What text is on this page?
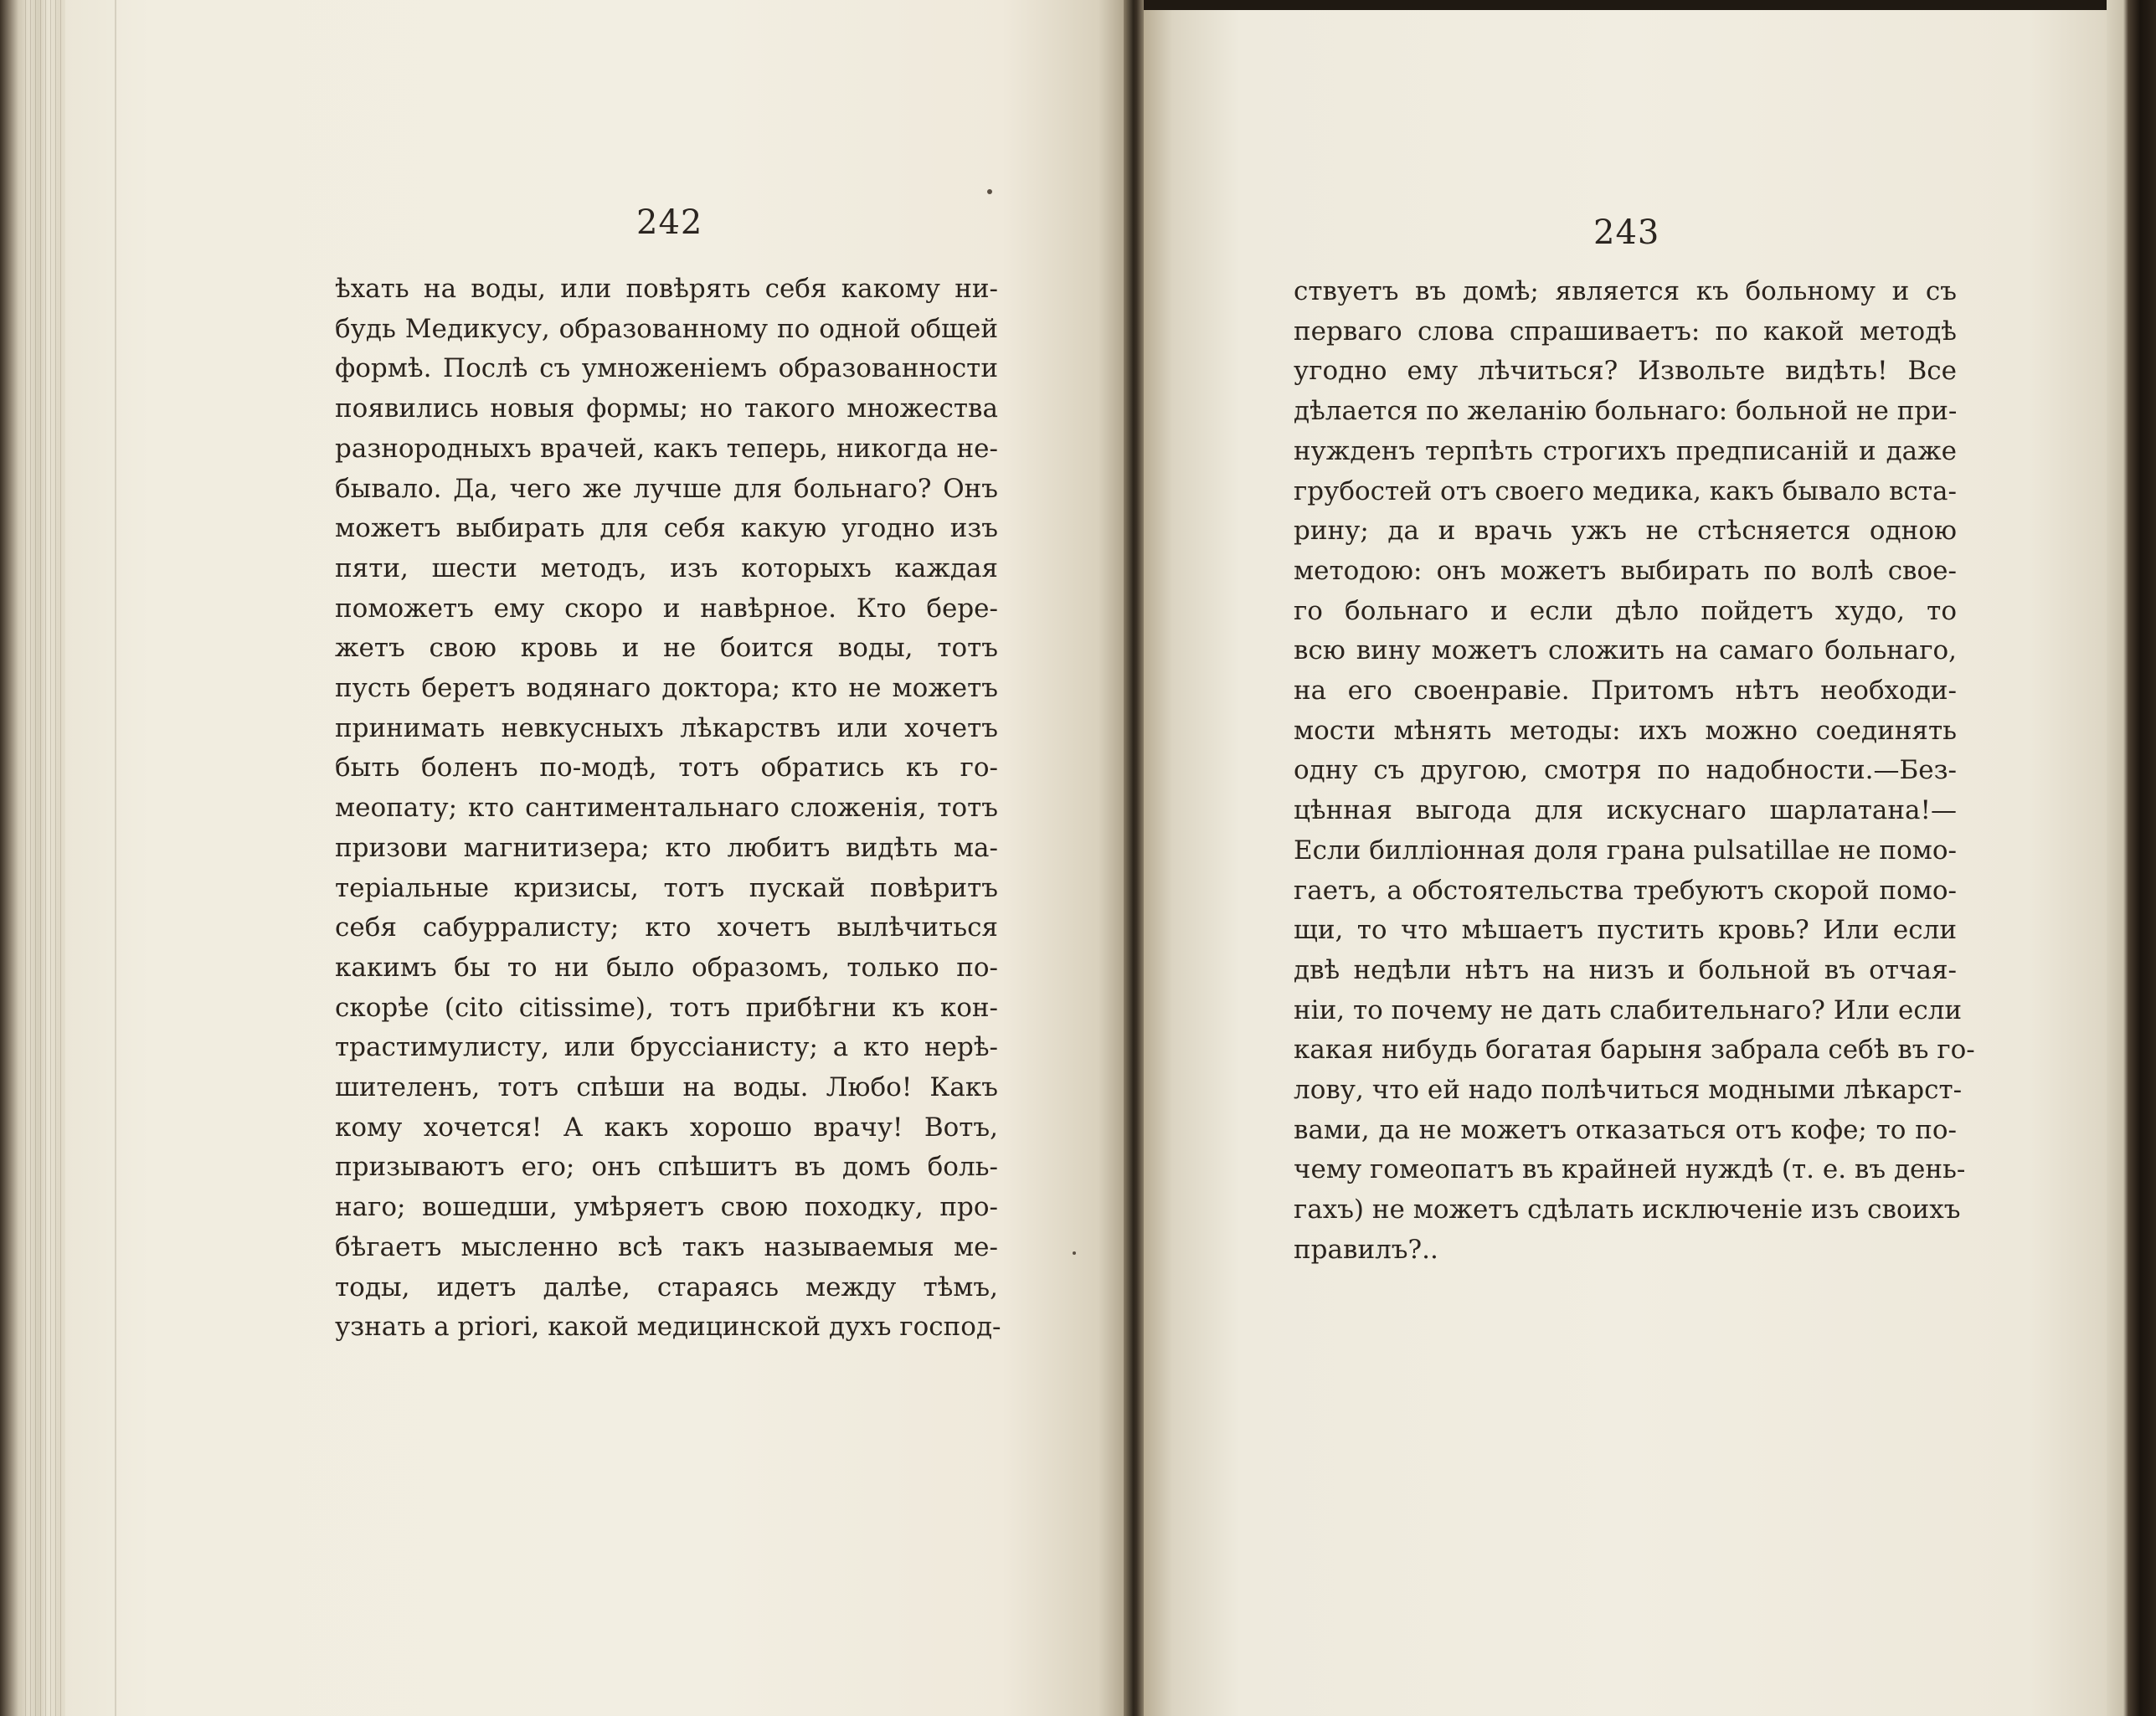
242	243
ѣхать на воды, или повѣрять себя какому ни-
будь Медикусу, образованному по одной общей
формѣ. Послѣ съ умноженіемъ образованности
появились новыя формы; но такого множества
разнородныхъ врачей, какъ теперь, никогда не-
бывало. Да, чего же лучше для больнаго? Онъ
можетъ выбирать для себя какую угодно изъ
пяти, шести методъ, изъ которыхъ каждая
поможетъ ему скоро и навѣрное. Кто бере-
жетъ свою кровь и не боится воды, тотъ
пусть беретъ водянаго доктора; кто не можетъ
принимать невкусныхъ лѣкарствъ или хочетъ
быть боленъ по-модѣ, тотъ обратись къ го-
меопату; кто сантиментальнаго сложенія, тотъ
призови магнитизера; кто любитъ видѣть ма-
теріальные кризисы, тотъ пускай повѣритъ
себя сабурралисту; кто хочетъ вылѣчиться
какимъ бы то ни было образомъ, только по-
скорѣе (cito citissime), тотъ прибѣгни къ кон-
трастимулисту, или бруссіанисту; а кто нерѣ-
шителенъ, тотъ спѣши на воды. Любо! Какъ
кому хочется! А какъ хорошо врачу! Вотъ,
призываютъ его; онъ спѣшитъ въ домъ боль-
наго; вошедши, умѣряетъ свою походку, про-
бѣгаетъ мысленно всѣ такъ называемыя ме-
тоды, идетъ далѣе, стараясь между тѣмъ,
узнать a priori, какой медицинской духъ господ-
ствуетъ въ домѣ; является къ больному и съ
перваго слова спрашиваетъ: по какой методѣ
угодно ему лѣчиться? Извольте видѣть! Все
дѣлается по желанію больнаго: больной не при-
нужденъ терпѣть строгихъ предписаній и даже
грубостей отъ своего медика, какъ бывало вста-
рину; да и врачь ужъ не стѣсняется одною
методою: онъ можетъ выбирать по волѣ свое-
го больнаго и если дѣло пойдетъ худо, то
всю вину можетъ сложить на самаго больнаго,
на его своенравіе. Притомъ нѣтъ необходи-
мости мѣнять методы: ихъ можно соединять
одну съ другою, смотря по надобности.—Без-
цѣнная выгода для искуснаго шарлатана!—
Если билліонная доля грана pulsatillae не помо-
гаетъ, а обстоятельства требуютъ скорой помо-
щи, то что мѣшаетъ пустить кровь? Или если
двѣ недѣли нѣтъ на низъ и больной въ отчая-
ніи, то почему не дать слабительнаго? Или если
какая нибудь богатая барыня забрала себѣ въ го-
лову, что ей надо полѣчиться модными лѣкарст-
вами, да не можетъ отказаться отъ кофе; то по-
чему гомеопатъ въ крайней нуждѣ (т. е. въ день-
гахъ) не можетъ сдѣлать исключеніе изъ своихъ
правилъ?..
